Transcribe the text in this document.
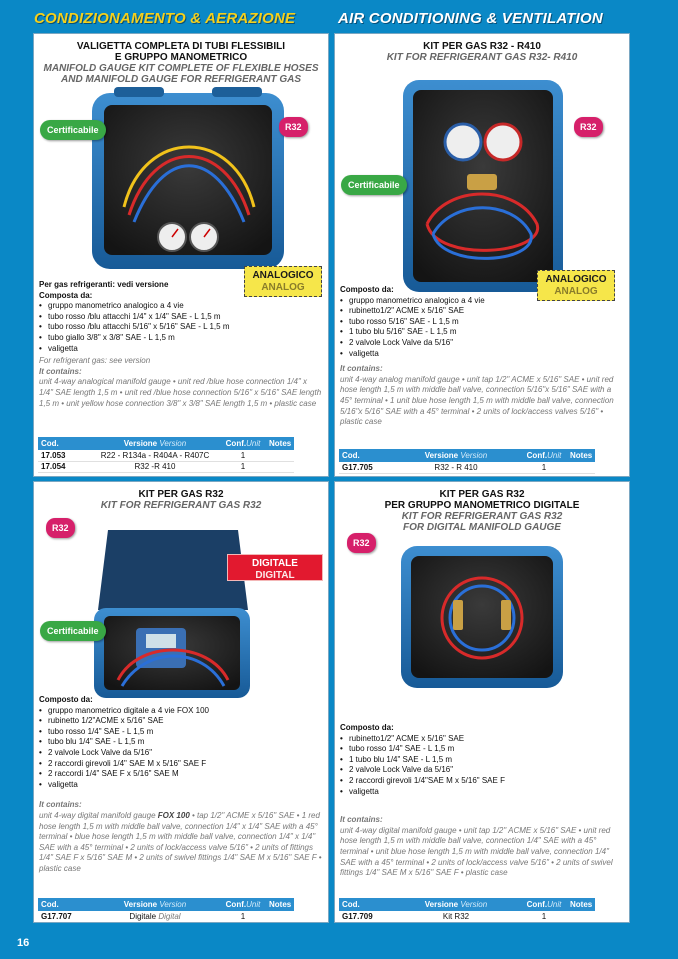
CONDIZIONAMENTO & AERAZIONE	AIR CONDITIONING & VENTILATION
VALIGETTA COMPLETA DI TUBI FLESSIBILI
E GRUPPO MANOMETRICO
MANIFOLD GAUGE KIT COMPLETE OF FLEXIBLE HOSES
AND MANIFOLD GAUGE FOR REFRIGERANT GAS
Certificabile	R32
ANALOGICO
ANALOG
Per gas refrigeranti: vedi versione
Composta da:
• gruppo manometrico analogico a 4 vie
• tubo rosso /blu attacchi 1/4" x 1/4" SAE - L 1,5 m
• tubo rosso /blu attacchi 5/16" x 5/16" SAE - L 1,5 m
• tubo giallo 3/8" x 3/8" SAE - L 1,5 m
• valigetta
For refrigerant gas: see version
It contains:
unit 4-way analogical manifold gauge • unit red /blue hose connection 1/4" x 1/4" SAE length 1,5 m • unit red /blue hose connection 5/16" x 5/16" SAE length 1,5 m • unit yellow hose connection 3/8" x 3/8" SAE length 1,5 m • plastic case
Cod.	Versione Version	Conf.Unit	Notes
17.053	R22 - R134a - R404A - R407C	1	
17.054	R32 -R 410	1	
KIT PER GAS R32 - R410
KIT FOR REFRIGERANT GAS R32- R410
Certificabile
R32
ANALOGICO
ANALOG
Composto da:
• gruppo manometrico analogico a 4 vie
• rubinetto1/2" ACME x 5/16" SAE
• tubo rosso 5/16" SAE - L 1,5 m
• 1 tubo blu 5/16" SAE - L 1,5 m
• 2 valvole Lock Valve da 5/16"
• valigetta
It contains:
unit 4-way analog manifold gauge • unit tap 1/2" ACME x 5/16" SAE • unit red hose length 1,5 m with middle ball valve, connection 5/16"x 5/16" SAE with a 45° terminal • 1 unit blue hose length 1,5 m with middle ball valve, connection 5/16"x 5/16" SAE with a 45° terminal • 2 units of lock/access valves 5/16" • plastic case
Cod.	Versione Version	Conf.Unit	Notes
G17.705	R32 - R 410	1	
KIT PER GAS R32
KIT FOR REFRIGERANT GAS R32
R32
DIGITALE
DIGITAL
Certificabile
Composto da:
• gruppo manometrico digitale a 4 vie FOX 100
• rubinetto 1/2"ACME x 5/16" SAE
• tubo rosso 1/4" SAE - L 1,5 m
• tubo blu 1/4" SAE - L 1,5 m
• 2 valvole Lock Valve da 5/16"
• 2 raccordi girevoli 1/4" SAE M x 5/16" SAE F
• 2 raccordi 1/4" SAE F x 5/16" SAE M
• valigetta
It contains:
unit 4-way digital manifold gauge FOX 100 • tap 1/2" ACME x 5/16" SAE • 1 red hose length 1,5 m with middle ball valve, connection 1/4" x 1/4" SAE with a 45° terminal • blue hose length 1,5 m with middle ball valve, connection 1/4" x 1/4" SAE with a 45° terminal • 2 units of lock/access valve 5/16" • 2 units of fittings 1/4" SAE F x 5/16" SAE M • 2 units of swivel fittings 1/4" SAE M x 5/16" SAE F • plastic case
Cod.	Versione Version	Conf.Unit	Notes
G17.707	Digitale Digital	1	
KIT PER GAS R32
PER GRUPPO MANOMETRICO DIGITALE
KIT FOR REFRIGERANT GAS R32
FOR DIGITAL MANIFOLD GAUGE
R32
Composto da:
• rubinetto1/2" ACME x 5/16" SAE
• tubo rosso 1/4" SAE - L 1,5 m
• 1 tubo blu 1/4" SAE - L 1,5 m
• 2 valvole Lock Valve da 5/16"
• 2 raccordi girevoli 1/4"SAE M x 5/16" SAE F
• valigetta
It contains:
unit 4-way digital manifold gauge • unit tap 1/2" ACME x 5/16" SAE • unit red hose length 1,5 m with middle ball valve, connection 1/4" SAE with a 45° terminal • unit blue hose length 1,5 m with middle ball valve, connection 1/4" SAE with a 45° terminal • 2 units of lock/access valve 5/16" • 2 units of swivel fittings 1/4" SAE M x 5/16" SAE F • plastic case
Cod.	Versione Version	Conf.Unit	Notes
G17.709	Kit R32	1	
16
